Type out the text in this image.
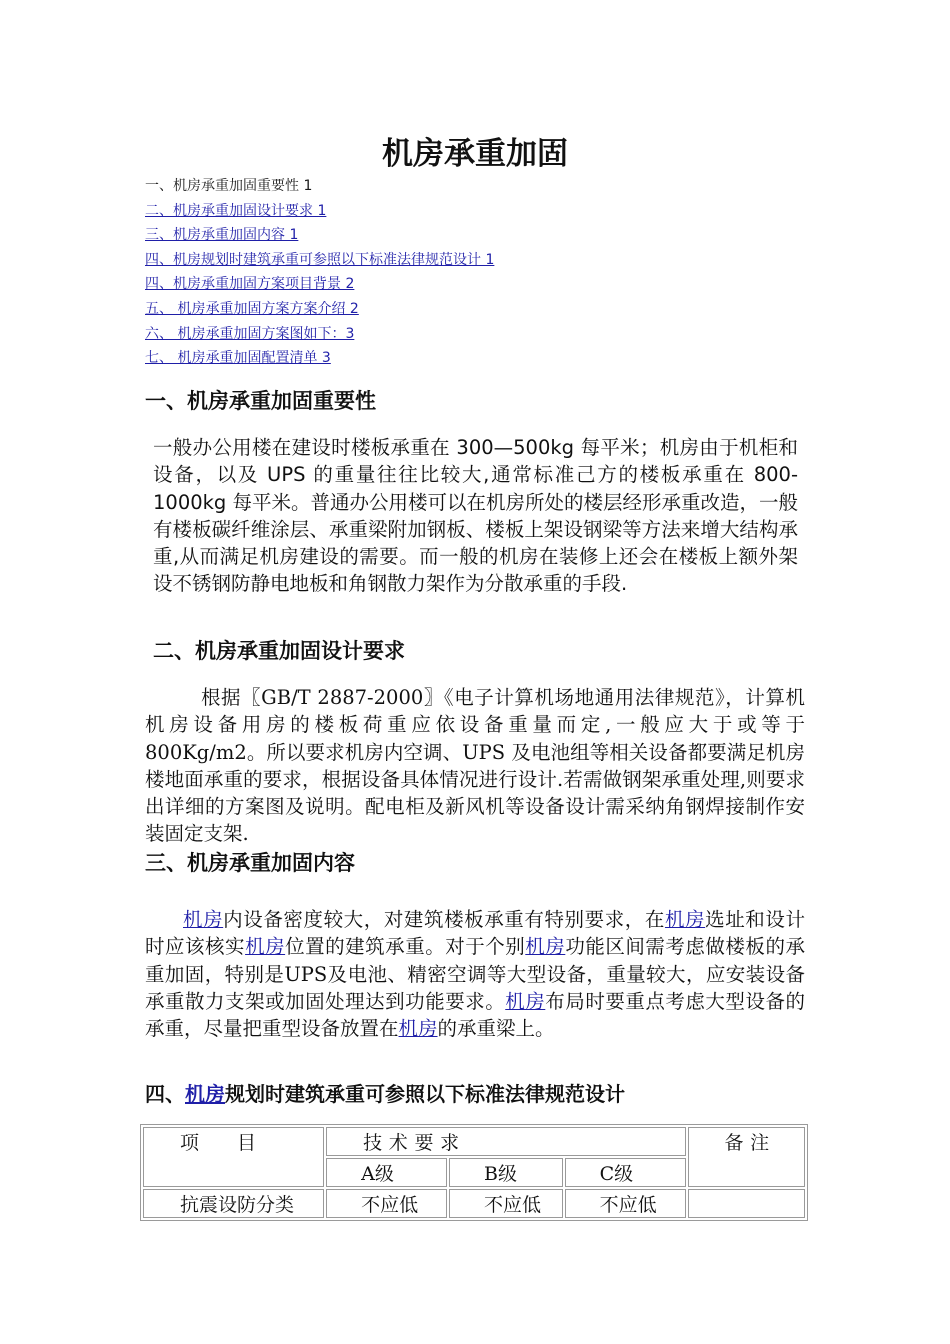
机房承重加固
一、机房承重加固重要性 1
二、机房承重加固设计要求 1
三、机房承重加固内容 1
四、机房规划时建筑承重可参照以下标准法律规范设计 1
四、机房承重加固方案项目背景 2
五、 机房承重加固方案方案介绍 2
六、 机房承重加固方案图如下：3
七、 机房承重加固配置清单 3
一、机房承重加固重要性
一般办公用楼在建设时楼板承重在 300—500kg 每平米；机房由于机柜和设备，以及 UPS 的重量往往比较大,通常标准己方的楼板承重在 800-1000kg 每平米。普通办公用楼可以在机房所处的楼层经形承重改造，一般有楼板碳纤维涂层、承重梁附加钢板、楼板上架设钢梁等方法来增大结构承重,从而满足机房建设的需要。而一般的机房在装修上还会在楼板上额外架设不锈钢防静电地板和角钢散力架作为分散承重的手段.
二、机房承重加固设计要求
根据〖GB/T 2887-2000〗《电子计算机场地通用法律规范》，计算机机房设备用房的楼板荷重应依设备重量而定,一般应大于或等于 800Kg/m2。所以要求机房内空调、UPS 及电池组等相关设备都要满足机房楼地面承重的要求，根据设备具体情况进行设计.若需做钢架承重处理,则要求出详细的方案图及说明。配电柜及新风机等设备设计需采纳角钢焊接制作安装固定支架.
三、机房承重加固内容
机房内设备密度较大，对建筑楼板承重有特别要求，在机房选址和设计时应该核实机房位置的建筑承重。对于个别机房功能区间需考虑做楼板的承重加固，特别是UPS及电池、精密空调等大型设备，重量较大，应安装设备承重散力支架或加固处理达到功能要求。机房布局时要重点考虑大型设备的承重，尽量把重型设备放置在机房的承重梁上。
四、机房规划时建筑承重可参照以下标准法律规范设计
项　　目	技术要求			备注
	A级	B级	C级	
抗震设防分类	不应低	不应低	不应低	
